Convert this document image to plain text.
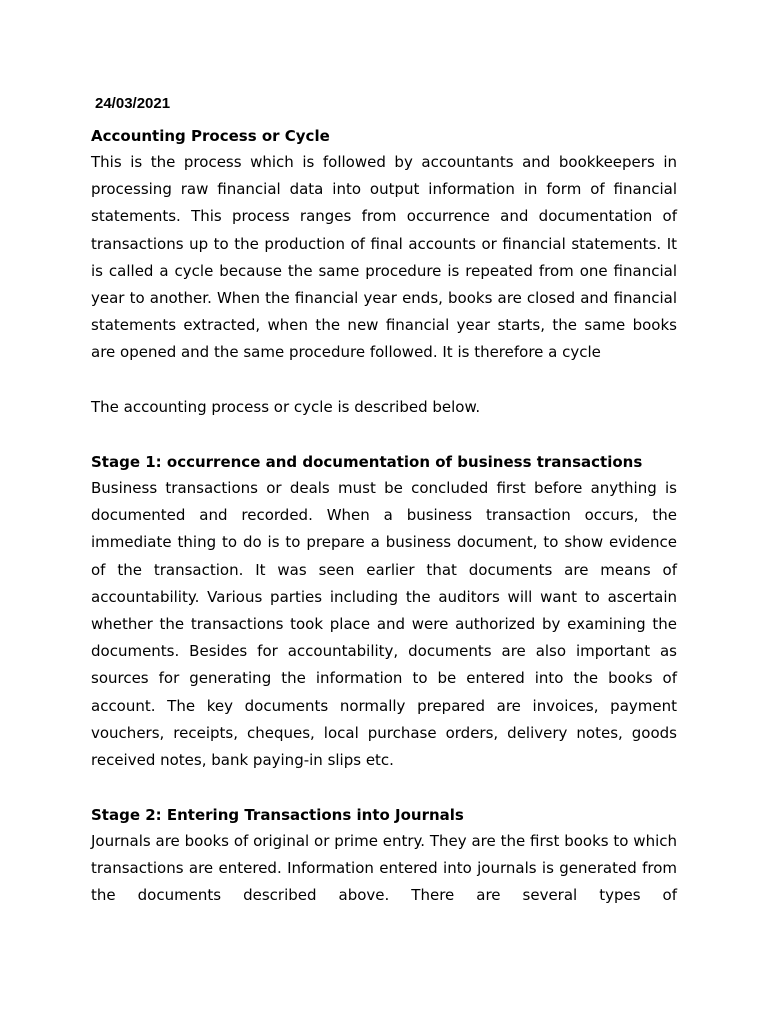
24/03/2021
Accounting Process or Cycle
This is the process which is followed by accountants and bookkeepers in processing raw financial data into output information in form of financial statements. This process ranges from occurrence and documentation of transactions up to the production of final accounts or financial statements. It is called a cycle because the same procedure is repeated from one financial year to another. When the financial year ends, books are closed and financial statements extracted, when the new financial year starts, the same books are opened and the same procedure followed. It is therefore a cycle
The accounting process or cycle is described below.
Stage 1: occurrence and documentation of business transactions
Business transactions or deals must be concluded first before anything is documented and recorded. When a business transaction occurs, the immediate thing to do is to prepare a business document, to show evidence of the transaction. It was seen earlier that documents are means of accountability. Various parties including the auditors will want to ascertain whether the transactions took place and were authorized by examining the documents. Besides for accountability, documents are also important as sources for generating the information to be entered into the books of account. The key documents normally prepared are invoices, payment vouchers, receipts, cheques, local purchase orders, delivery notes, goods received notes, bank paying-in slips etc.
Stage 2: Entering Transactions into Journals
Journals are books of original or prime entry. They are the first books to which transactions are entered. Information entered into journals is generated from the documents described above. There are several types of
